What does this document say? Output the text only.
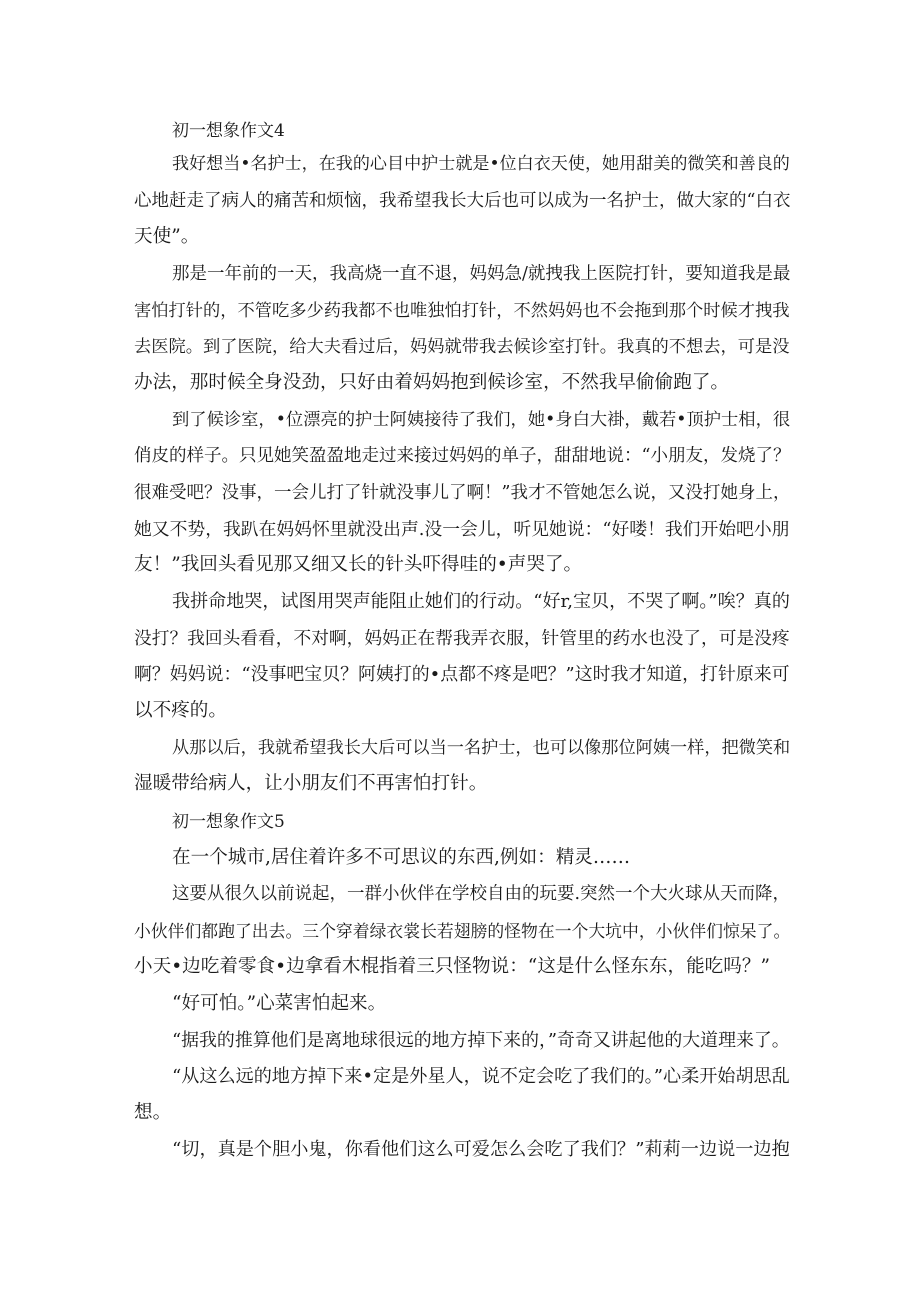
初一想象作文4
我好想当•名护士，在我的心目中护士就是•位白衣天使，她用甜美的微笑和善良的
心地赶走了病人的痛苦和烦恼，我希望我长大后也可以成为一名护士，做大家的“白衣
天使”。
那是一年前的一天，我高烧一直不退，妈妈急/就拽我上医院打针，要知道我是最
害怕打针的，不管吃多少药我都不也唯独怕打针，不然妈妈也不会拖到那个时候才拽我
去医院。到了医院，给大夫看过后，妈妈就带我去候诊室打针。我真的不想去，可是没
办法，那时候全身没劲，只好由着妈妈抱到候诊室，不然我早偷偷跑了。
到了候诊室，•位漂亮的护士阿姨接待了我们，她•身白大褂，戴若•顶护士相，很
俏皮的样子。只见她笑盈盈地走过来接过妈妈的单子，甜甜地说：“小朋友，发烧了？
很难受吧？没事，一会儿打了针就没事儿了啊！”我才不管她怎么说，又没打她身上，
她又不势，我趴在妈妈怀里就没出声.没一会儿，听见她说：“好喽！我们开始吧小朋
友！”我回头看见那又细又长的针头吓得哇的•声哭了。
我拼命地哭，试图用哭声能阻止她们的行动。“好r,宝贝，不哭了啊。”唉？真的
没打？我回头看看，不对啊，妈妈正在帮我弄衣服，针管里的药水也没了，可是没疼
啊？妈妈说：“没事吧宝贝？阿姨打的•点都不疼是吧？”这时我才知道，打针原来可
以不疼的。
从那以后，我就希望我长大后可以当一名护士，也可以像那位阿姨一样，把微笑和
湿暖带给病人，让小朋友们不再害怕打针。
初一想象作文5
在一个城市,居住着许多不可思议的东西,例如：精灵……
这要从很久以前说起，一群小伙伴在学校自由的玩要.突然一个大火球从天而降，
小伙伴们都跑了出去。三个穿着绿衣裳长若翅膀的怪物在一个大坑中，小伙伴们惊呆了。
小天•边吃着零食•边拿看木棍指着三只怪物说：“这是什么怪东东，能吃吗？”
“好可怕。”心菜害怕起来。
“据我的推算他们是离地球很远的地方掉下来的，”奇奇又讲起他的大道理来了。
“从这么远的地方掉下来•定是外星人，说不定会吃了我们的。”心柔开始胡思乱
想。
“切，真是个胆小鬼，你看他们这么可爱怎么会吃了我们？”莉莉一边说一边抱
